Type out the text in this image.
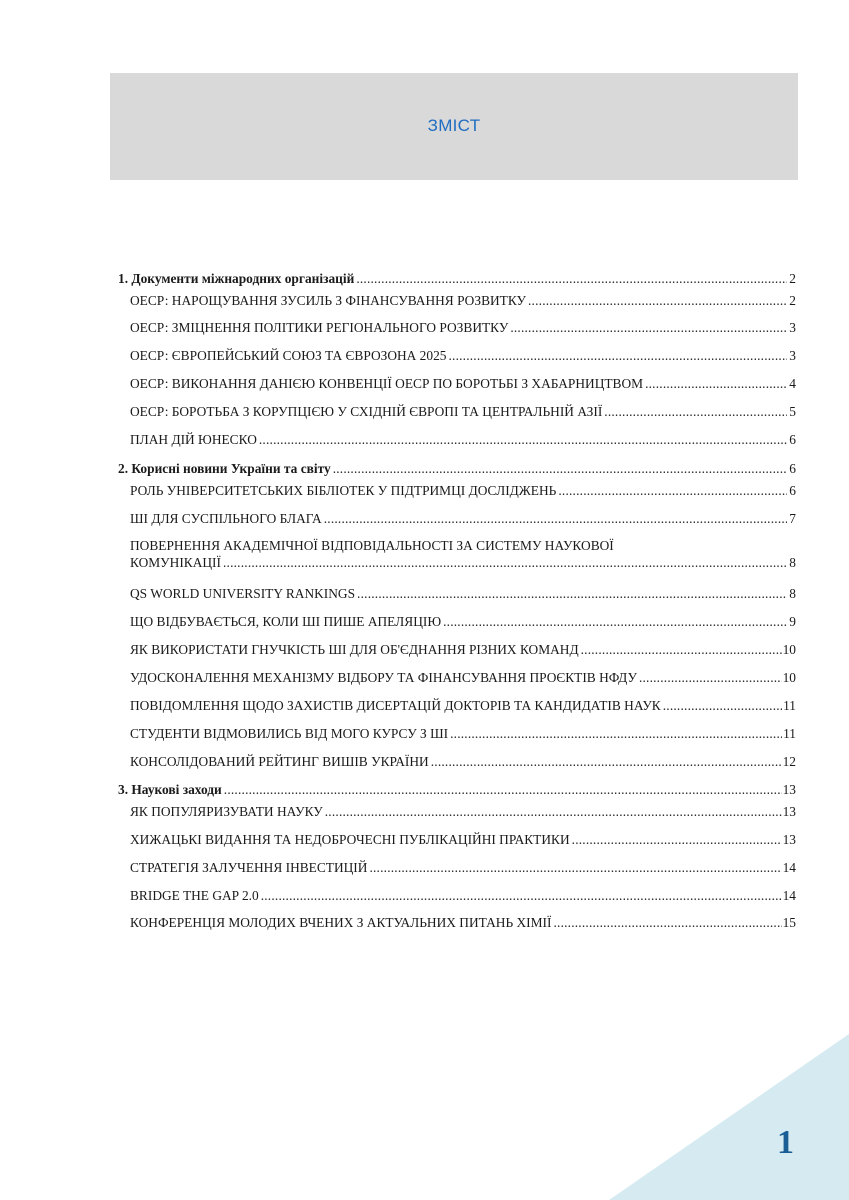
ЗМІСТ
1. Документи міжнародних організацій .....	2
ОЕСР: НАРОЩУВАННЯ ЗУСИЛЬ З ФІНАНСУВАННЯ РОЗВИТКУ .....	2
ОЕСР: ЗМІЦНЕННЯ ПОЛІТИКИ РЕГІОНАЛЬНОГО РОЗВИТКУ .....	3
ОЕСР: ЄВРОПЕЙСЬКИЙ СОЮЗ ТА ЄВРОЗОНА 2025 .....	3
ОЕСР: ВИКОНАННЯ ДАНІЄЮ КОНВЕНЦІЇ ОЕСР ПО БОРОТЬБІ З ХАБАРНИЦТВОМ .....	4
ОЕСР: БОРОТЬБА З КОРУПЦІЄЮ У СХІДНІЙ ЄВРОПІ ТА ЦЕНТРАЛЬНІЙ АЗІЇ .....	5
ПЛАН ДІЙ ЮНЕСКО .....	6
2. Корисні новини України та світу .....	6
РОЛЬ УНІВЕРСИТЕТСЬКИХ БІБЛІОТЕК У ПІДТРИМЦІ ДОСЛІДЖЕНЬ .....	6
ШІ ДЛЯ СУСПІЛЬНОГО БЛАГА .....	7
ПОВЕРНЕННЯ АКАДЕМІЧНОЇ ВІДПОВІДАЛЬНОСТІ ЗА СИСТЕМУ НАУКОВОЇ
КОМУНІКАЦІЇ .....	8
QS WORLD UNIVERSITY RANKINGS .....	8
ЩО ВІДБУВАЄТЬСЯ, КОЛИ ШІ ПИШЕ АПЕЛЯЦІЮ .....	9
ЯК ВИКОРИСТАТИ ГНУЧКІСТЬ ШІ ДЛЯ ОБ'ЄДНАННЯ РІЗНИХ КОМАНД .....	10
УДОСКОНАЛЕННЯ МЕХАНІЗМУ ВІДБОРУ ТА ФІНАНСУВАННЯ ПРОЄКТІВ НФДУ .....	10
ПОВІДОМЛЕННЯ ЩОДО ЗАХИСТІВ ДИСЕРТАЦІЙ ДОКТОРІВ ТА КАНДИДАТІВ НАУК .....	11
СТУДЕНТИ ВІДМОВИЛИСЬ ВІД МОГО КУРСУ З ШІ .....	11
КОНСОЛІДОВАНИЙ РЕЙТИНГ ВИШІВ УКРАЇНИ .....	12
3. Наукові заходи .....	13
ЯК ПОПУЛЯРИЗУВАТИ НАУКУ .....	13
ХИЖАЦЬКІ ВИДАННЯ ТА НЕДОБРОЧЕСНІ ПУБЛІКАЦІЙНІ ПРАКТИКИ .....	13
СТРАТЕГІЯ ЗАЛУЧЕННЯ ІНВЕСТИЦІЙ .....	14
BRIDGE THE GAP 2.0 .....	14
КОНФЕРЕНЦІЯ МОЛОДИХ ВЧЕНИХ З АКТУАЛЬНИХ ПИТАНЬ ХІМІЇ .....	15
1
